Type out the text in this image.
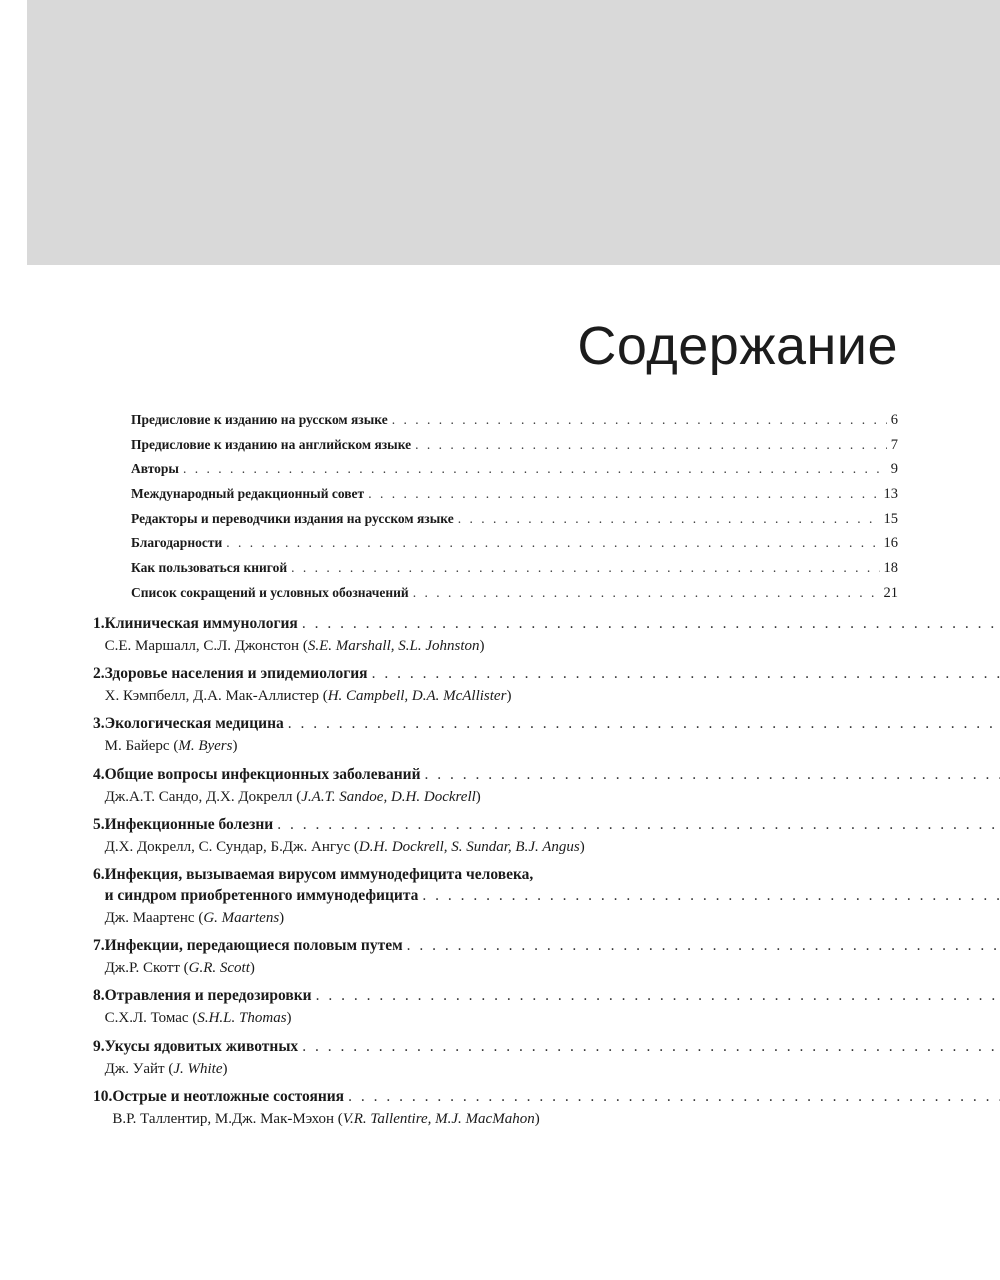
Содержание
Предисловие к изданию на русском языке . . .	6
Предисловие к изданию на английском языке . . .	7
Авторы . . .	9
Международный редакционный совет . . .	13
Редакторы и переводчики издания на русском языке . . .	15
Благодарности . . .	16
Как пользоваться книгой . . .	18
Список сокращений и условных обозначений . . .	21
1. Клиническая иммунология
. . .
С.Е. Маршалл, С.Л. Джонстон (S.E. Marshall, S.L. Johnston)
2. Здоровье населения и эпидемиология
. . .
Х. Кэмпбелл, Д.А. Мак-Аллистер (H. Campbell, D.A. McAllister)
3. Экологическая медицина
. . .
М. Байерс (M. Byers)
4. Общие вопросы инфекционных заболеваний
. . .
Дж.А.Т. Сандо, Д.Х. Докрелл (J.A.T. Sandoe, D.H. Dockrell)
5. Инфекционные болезни
. . .
Д.Х. Докрелл, С. Сундар, Б.Дж. Ангус (D.H. Dockrell, S. Sundar, B.J. Angus)
6. Инфекция, вызываемая вирусом иммунодефицита человека,
и синдром приобретенного иммунодефицита
. . .
Дж. Маартенс (G. Maartens)
7. Инфекции, передающиеся половым путем
. . .
Дж.Р. Скотт (G.R. Scott)
8. Отравления и передозировки
. . .
С.Х.Л. Томас (S.H.L. Thomas)
9. Укусы ядовитых животных
. . .
Дж. Уайт (J. White)
10. Острые и неотложные состояния
. . .
В.Р. Таллентир, М.Дж. Мак-Мэхон (V.R. Tallentire, M.J. MacMahon)
